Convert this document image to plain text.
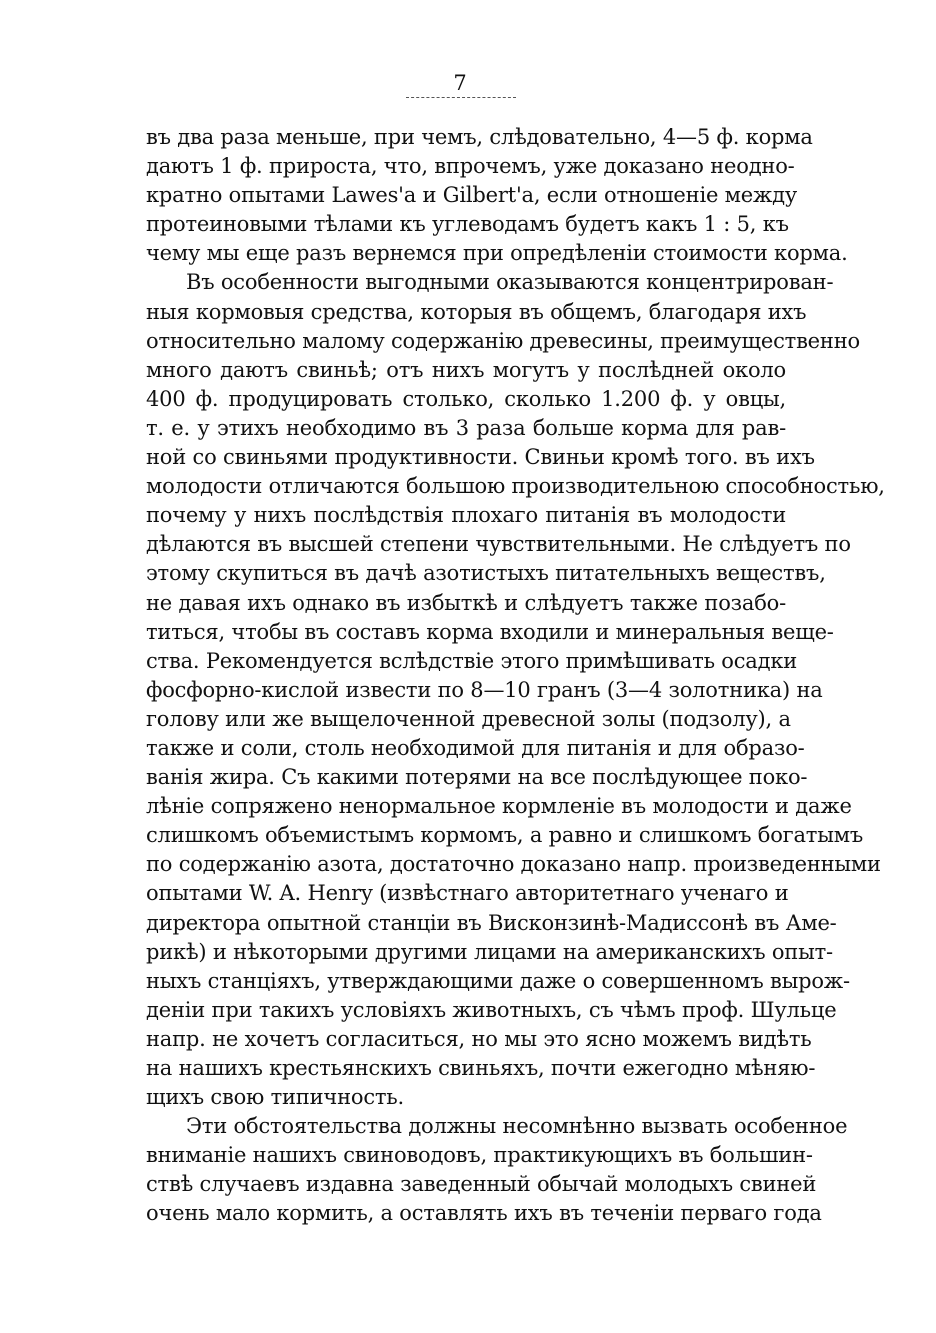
7
въ два раза меньше, при чемъ, слѣдовательно, 4—5 ф. корма
даютъ 1 ф. прироста, что, впрочемъ, уже доказано неодно-
кратно опытами Lawes'a и Gilbert'a, если отношеніе между
протеиновыми тѣлами къ углеводамъ будетъ какъ 1 : 5, къ
чему мы еще разъ вернемся при опредѣленіи стоимости корма.
Въ особенности выгодными оказываются концентрирован-
ныя кормовыя средства, которыя въ общемъ, благодаря ихъ
относительно малому содержанію древесины, преимущественно
много даютъ свиньѣ; отъ нихъ могутъ у послѣдней около
400 ф. продуцировать столько, сколько 1.200 ф. у овцы,
т. е. у этихъ необходимо въ 3 раза больше корма для рав-
ной со свиньями продуктивности. Свиньи кромѣ того. въ ихъ
молодости отличаются большою производительною способностью,
почему у нихъ послѣдствія плохаго питанія въ молодости
дѣлаются въ высшей степени чувствительными. Не слѣдуетъ по
этому скупиться въ дачѣ азотистыхъ питательныхъ веществъ,
не давая ихъ однако въ избыткѣ и слѣдуетъ также позабо-
титься, чтобы въ составъ корма входили и минеральныя веще-
ства. Рекомендуется вслѣдствіе этого примѣшивать осадки
фосфорно-кислой извести по 8—10 гранъ (3—4 золотника) на
голову или же выщелоченной древесной золы (подзолу), а
также и соли, столь необходимой для питанія и для образо-
ванія жира. Съ какими потерями на все послѣдующее поко-
лѣніе сопряжено ненормальное кормленіе въ молодости и даже
слишкомъ объемистымъ кормомъ, а равно и слишкомъ богатымъ
по содержанію азота, достаточно доказано напр. произведенными
опытами W. A. Henry (извѣстнаго авторитетнаго ученаго и
директора опытной станціи въ Висконзинѣ-Мадиссонѣ въ Аме-
рикѣ) и нѣкоторыми другими лицами на американскихъ опыт-
ныхъ станціяхъ, утверждающими даже о совершенномъ вырож-
деніи при такихъ условіяхъ животныхъ, съ чѣмъ проф. Шульце
напр. не хочетъ согласиться, но мы это ясно можемъ видѣть
на нашихъ крестьянскихъ свиньяхъ, почти ежегодно мѣняю-
щихъ свою типичность.
Эти обстоятельства должны несомнѣнно вызвать особенное
вниманіе нашихъ свиноводовъ, практикующихъ въ большин-
ствѣ случаевъ издавна заведенный обычай молодыхъ свиней
очень мало кормить, а оставлять ихъ въ теченіи перваго года
